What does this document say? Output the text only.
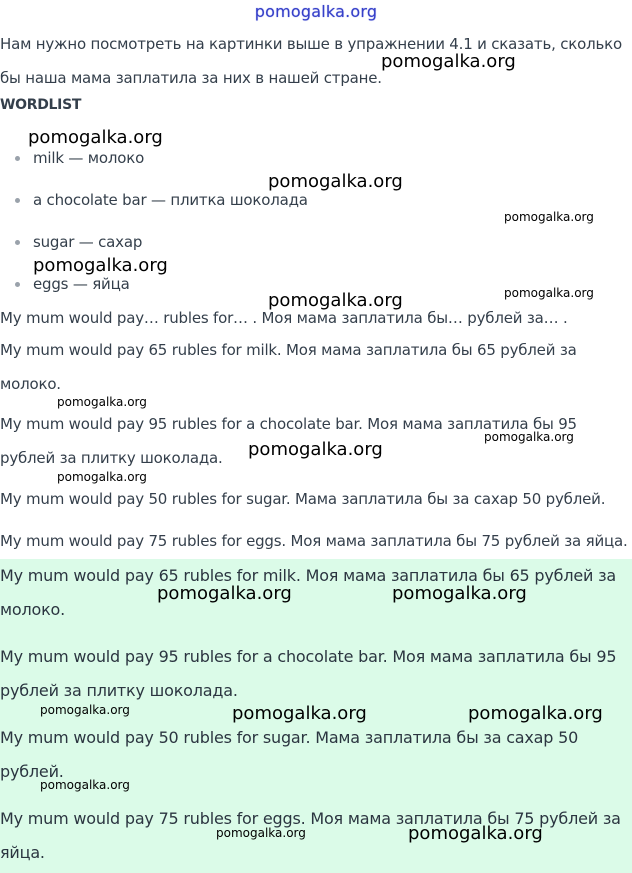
pomogalka.org
Нам нужно посмотреть на картинки выше в упражнении 4.1 и сказать, сколько бы наша мама заплатила за них в нашей стране.
WORDLIST
milk — молоко
a chocolate bar — плитка шоколада
sugar — сахар
eggs — яйца
My mum would pay… rubles for… . Моя мама заплатила бы… рублей за… .
My mum would pay 65 rubles for milk. Моя мама заплатила бы 65 рублей за молоко.
My mum would pay 95 rubles for a chocolate bar. Моя мама заплатила бы 95 рублей за плитку шоколада.
My mum would pay 50 rubles for sugar. Мама заплатила бы за сахар 50 рублей.
My mum would pay 75 rubles for eggs. Моя мама заплатила бы 75 рублей за яйца.
My mum would pay 65 rubles for milk. Моя мама заплатила бы 65 рублей за молоко.
My mum would pay 95 rubles for a chocolate bar. Моя мама заплатила бы 95 рублей за плитку шоколада.
My mum would pay 50 rubles for sugar. Мама заплатила бы за сахар 50 рублей.
My mum would pay 75 rubles for eggs. Моя мама заплатила бы 75 рублей за яйца.
pomogalka.org
pomogalka.org
pomogalka.org
pomogalka.org
pomogalka.org
pomogalka.org
pomogalka.org
pomogalka.org
pomogalka.org
pomogalka.org
pomogalka.org
pomogalka.org	pomogalka.org
pomogalka.org	pomogalka.org	pomogalka.org
pomogalka.org
pomogalka.org	pomogalka.org
